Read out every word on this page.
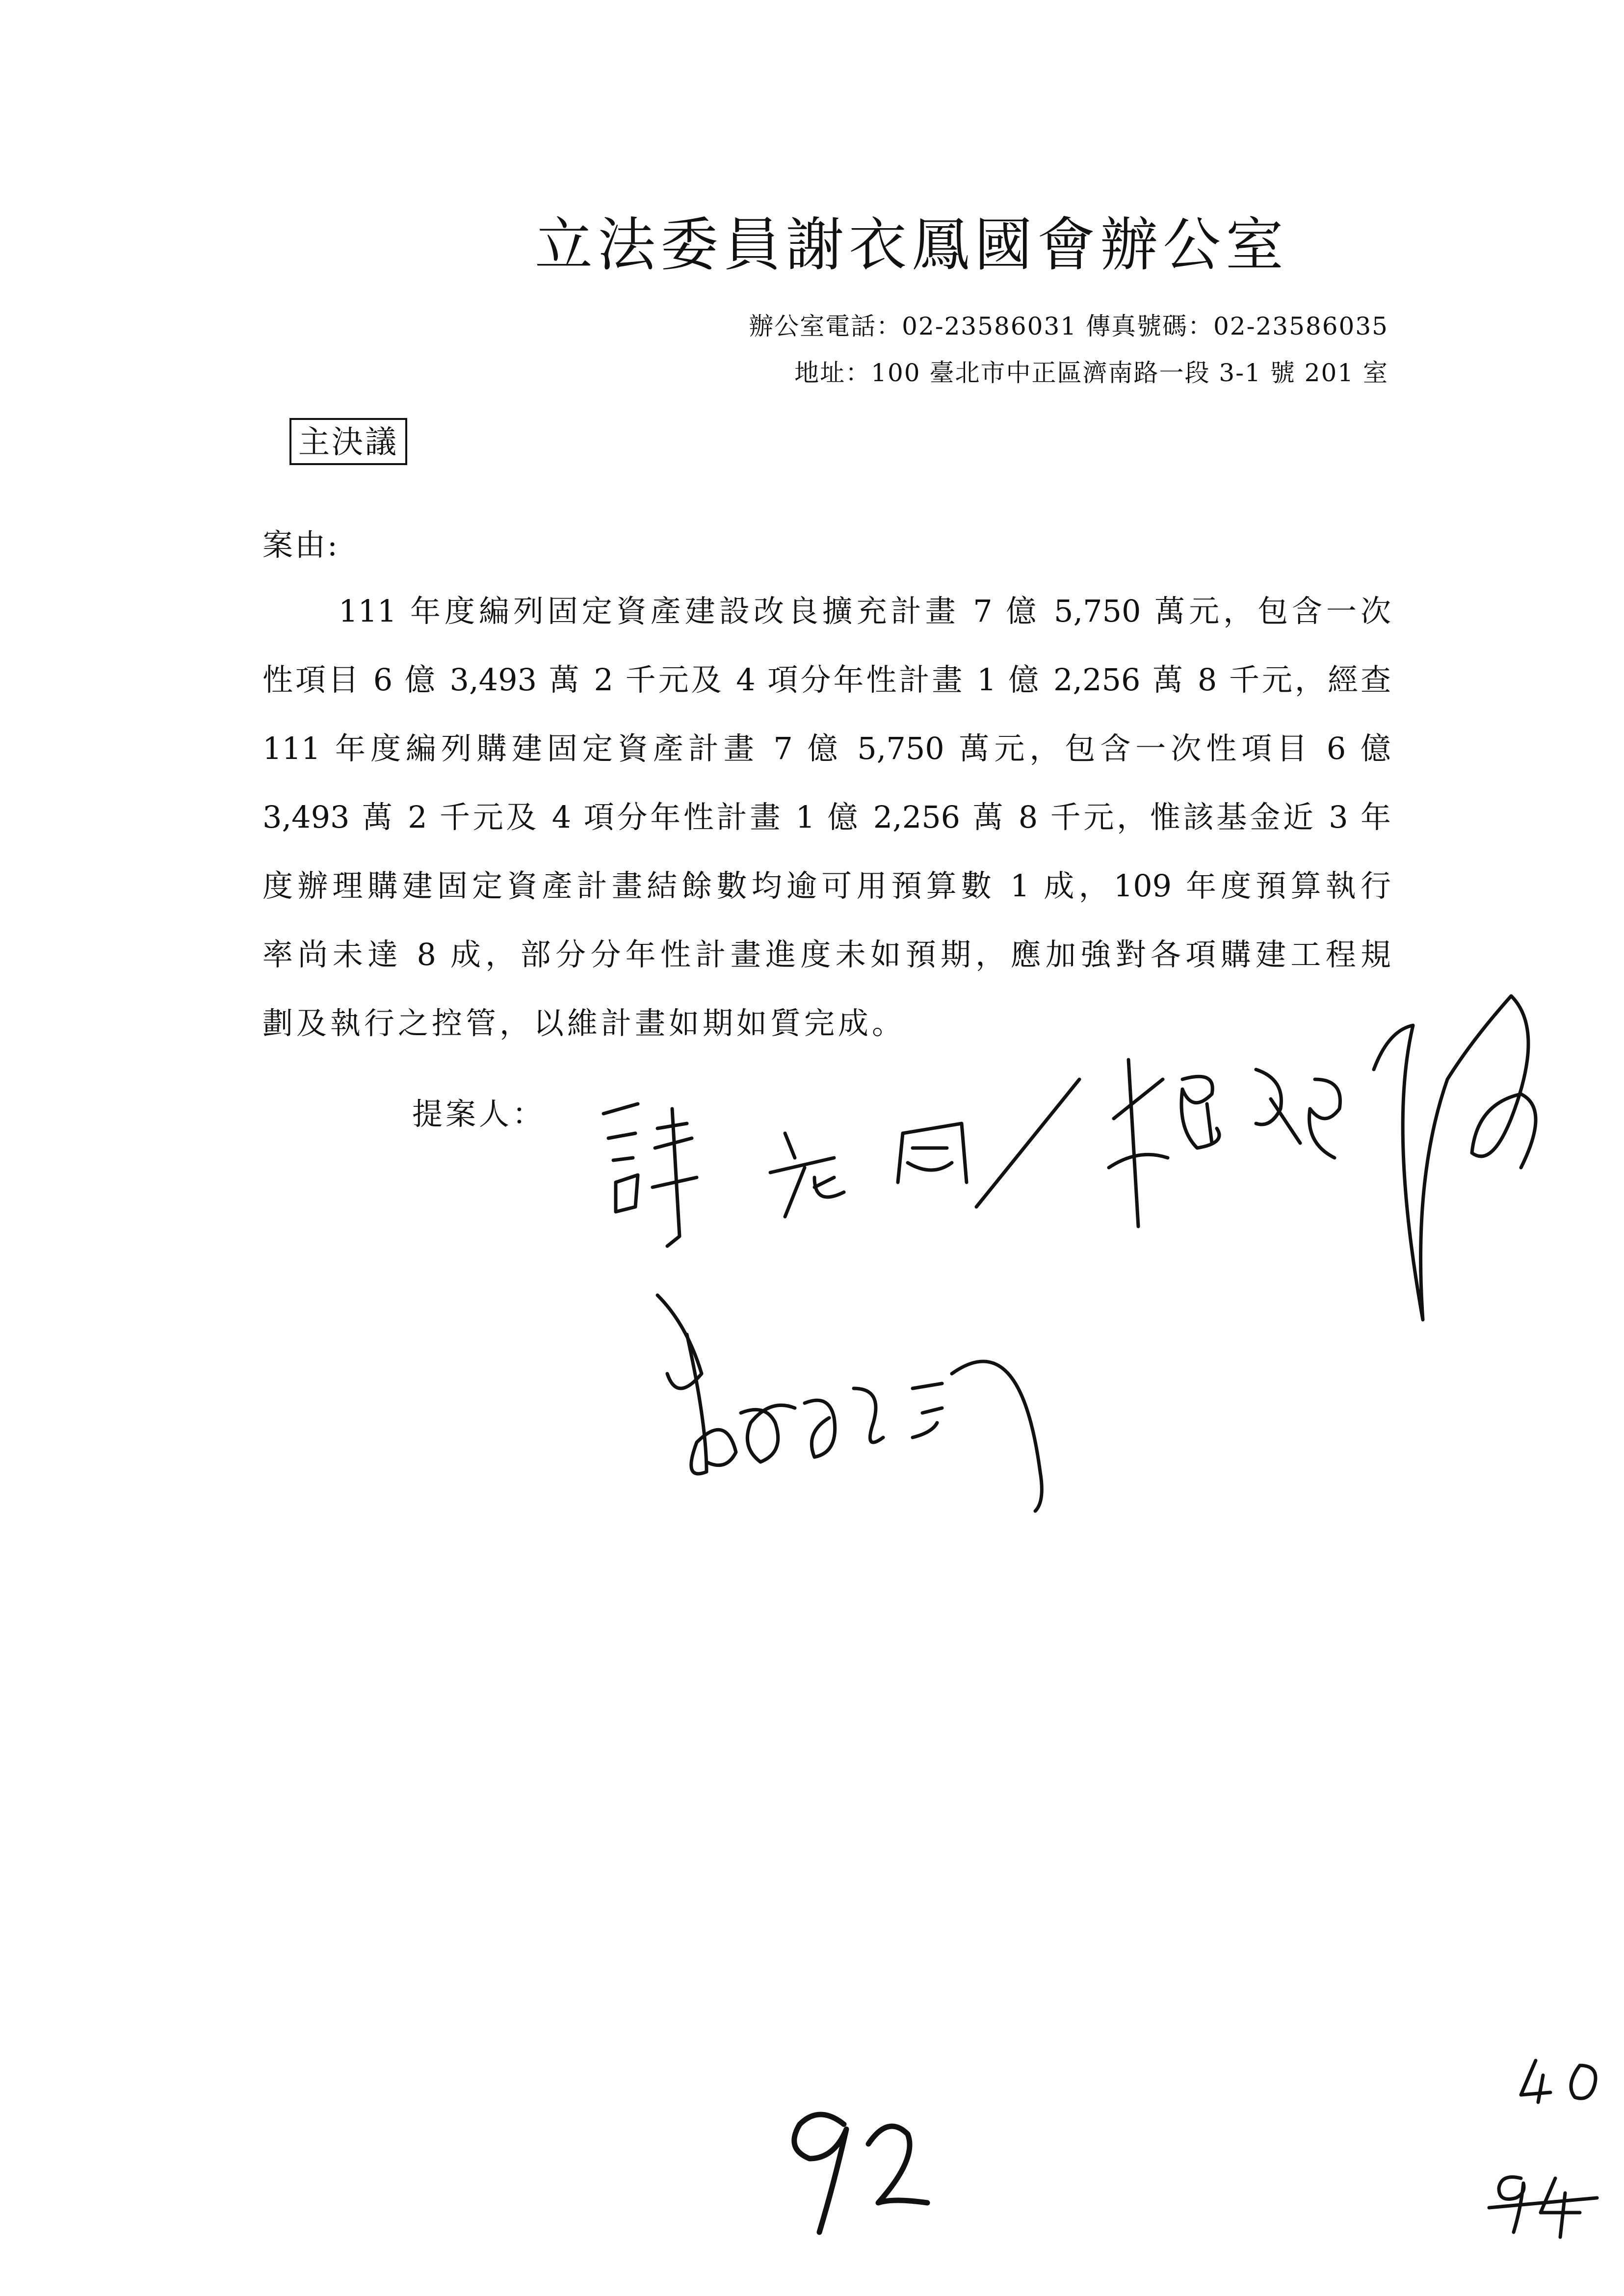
立法委員謝衣鳳國會辦公室
辦公室電話：02-23586031 傳真號碼：02-23586035
地址：100 臺北市中正區濟南路一段 3-1 號 201 室
主決議
案由:
111 年度編列固定資產建設改良擴充計畫 7 億 5,750 萬元，包含一次
性項目 6 億 3,493 萬 2 千元及 4 項分年性計畫 1 億 2,256 萬 8 千元，經查
111 年度編列購建固定資產計畫 7 億 5,750 萬元，包含一次性項目 6 億
3,493 萬 2 千元及 4 項分年性計畫 1 億 2,256 萬 8 千元，惟該基金近 3 年
度辦理購建固定資產計畫結餘數均逾可用預算數 1 成，109 年度預算執行
率尚未達 8 成，部分分年性計畫進度未如預期，應加強對各項購建工程規
劃及執行之控管，以維計畫如期如質完成。
提案人：
